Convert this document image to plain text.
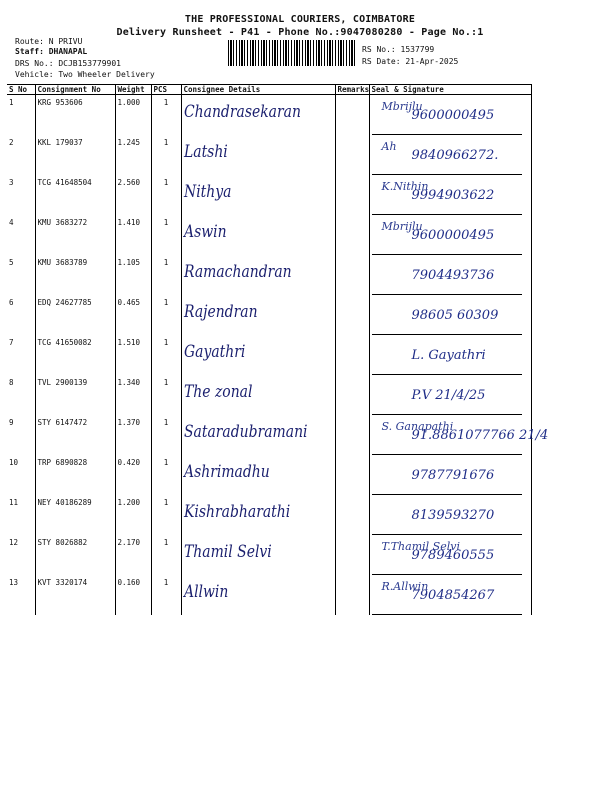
THE PROFESSIONAL COURIERS, COIMBATORE
Delivery Runsheet - P41 - Phone No.:9047080280 - Page No.:1
Route: N PRIVU
Staff: DHANAPAL
DRS No.: DCJB153779901
Vehicle: Two Wheeler Delivery
RS No.: 1537799
RS Date: 21-Apr-2025
S No	Consignment No	Weight	PCS	Consignee Details	Remarks	Seal & Signature
1	KRG 953606	1.000	1	Chandrasekaran		Mbrijlu
9600000495

2	KKL 179037	1.245	1	Latshi		Ah
9840966272.

3	TCG 41648504	2.560	1	Nithya		K.Nithin
9994903622

4	KMU 3683272	1.410	1	Aswin		Mbrijlu
9600000495

5	KMU 3683789	1.105	1	Ramachandran		7904493736

6	EDQ 24627785	0.465	1	Rajendran		98605 60309

7	TCG 41650082	1.510	1	Gayathri		L. Gayathri

8	TVL 2900139	1.340	1	The zonal		P.V 21/4/25

9	STY 6147472	1.370	1	Sataradubramani		S. Ganapathi
91.8861077766 21/4

10	TRP 6890828	0.420	1	Ashrimadhu		9787791676

11	NEY 40186289	1.200	1	Kishrabharathi		8139593270

12	STY 8026882	2.170	1	Thamil Selvi		T.Thamil Selvi
9789460555

13	KVT 3320174	0.160	1	Allwin		R.Allwin
7904854267
